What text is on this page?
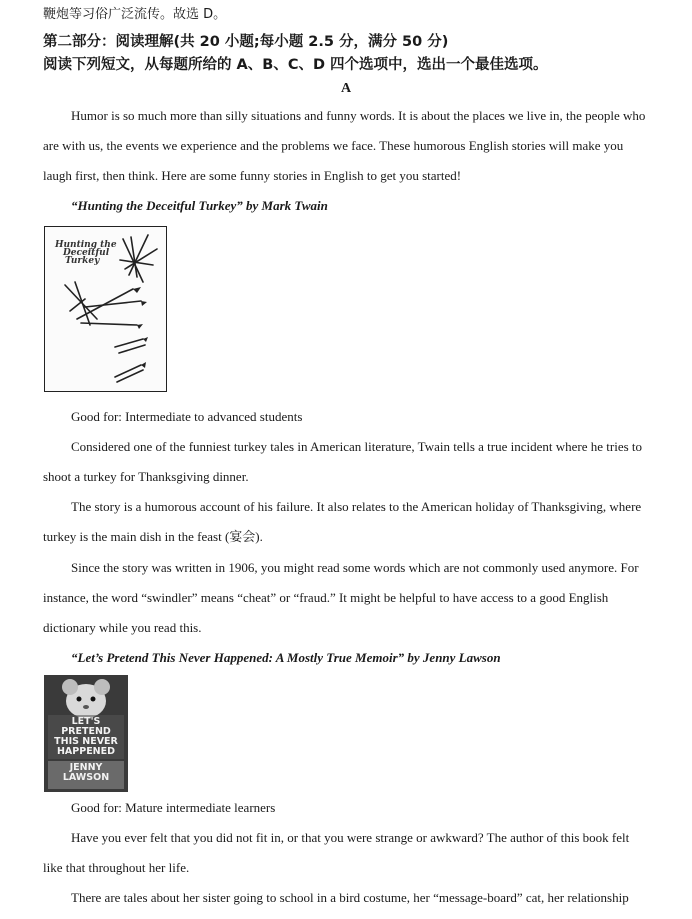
鞭炮等习俗广泛流传。故选 D。
第二部分：阅读理解(共 20 小题;每小题 2.5 分，满分 50 分)
阅读下列短文，从每题所给的 A、B、C、D 四个选项中，选出一个最佳选项。
A
Humor is so much more than silly situations and funny words. It is about the places we live in, the people who
are with us, the events we experience and the problems we face. These humorous English stories will make you
laugh first, then think. Here are some funny stories in English to get you started!
“Hunting the Deceitful Turkey” by Mark Twain
Hunting the
Deceitful
Turkey
Good for: Intermediate to advanced students
Considered one of the funniest turkey tales in American literature, Twain tells a true incident where he tries to
shoot a turkey for Thanksgiving dinner.
The story is a humorous account of his failure. It also relates to the American holiday of Thanksgiving, where
turkey is the main dish in the feast (宴会).
Since the story was written in 1906, you might read some words which are not commonly used anymore. For
instance, the word “swindler” means “cheat” or “fraud.” It might be helpful to have access to a good English
dictionary while you read this.
“Let’s Pretend This Never Happened: A Mostly True Memoir” by Jenny Lawson
LET'S
PRETEND
THIS NEVER
HAPPENED
JENNY
LAWSON
Good for: Mature intermediate learners
Have you ever felt that you did not fit in, or that you were strange or awkward? The author of this book felt
like that throughout her life.
There are tales about her sister going to school in a bird costume, her “message-board” cat, her relationship
